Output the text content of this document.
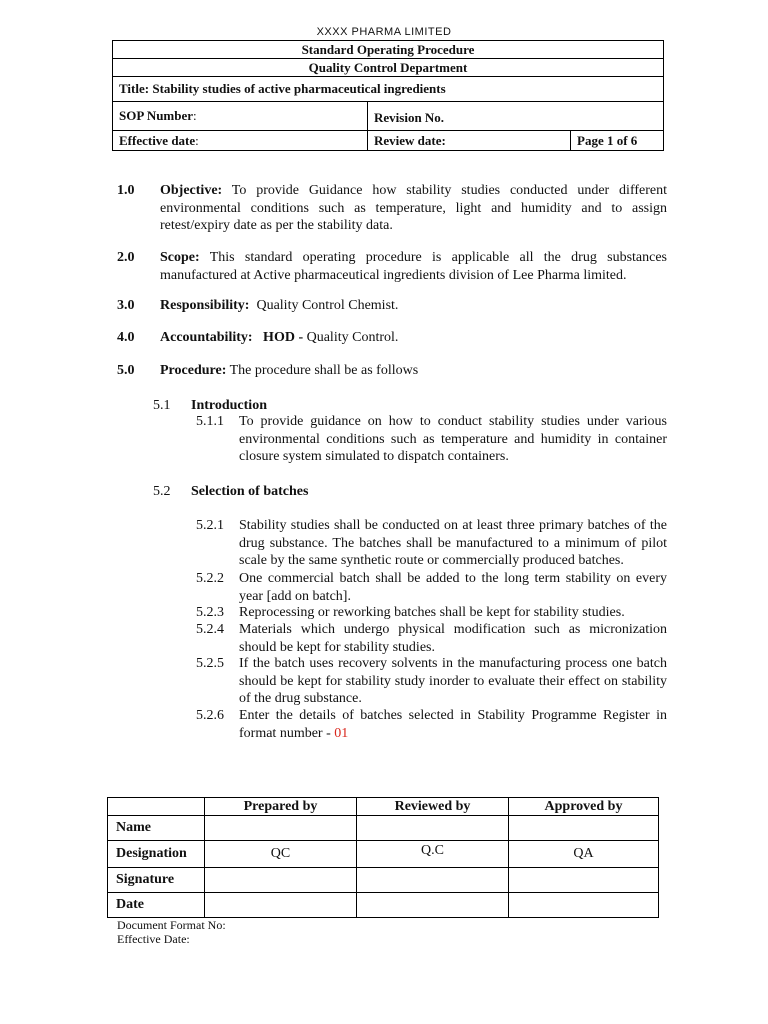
XXXX PHARMA LIMITED
Standard Operating Procedure		
Quality Control Department		
Title: Stability studies of active pharmaceutical ingredients		
SOP Number:	Revision No.	
Effective date:	Review date:	Page 1 of 6
1.0 Objective: To provide Guidance how stability studies conducted under different environmental conditions such as temperature, light and humidity and to assign retest/expiry date as per the stability data.
2.0 Scope: This standard operating procedure is applicable all the drug substances manufactured at Active pharmaceutical ingredients division of Lee Pharma limited.
3.0 Responsibility:  Quality Control Chemist.
4.0 Accountability:   HOD - Quality Control.
5.0 Procedure: The procedure shall be as follows
5.1 Introduction
5.1.1 To provide guidance on how to conduct stability studies under various environmental conditions such as temperature and humidity in container closure system simulated to dispatch containers.
5.2 Selection of batches
5.2.1 Stability studies shall be conducted on at least three primary batches of the drug substance. The batches shall be manufactured to a minimum of pilot scale by the same synthetic route or commercially produced batches.
5.2.2 One commercial batch shall be added to the long term stability on every year [add on batch].
5.2.3 Reprocessing or reworking batches shall be kept for stability studies.
5.2.4 Materials which undergo physical modification such as micronization should be kept for stability studies.
5.2.5 If the batch uses recovery solvents in the manufacturing process one batch should be kept for stability study inorder to evaluate their effect on stability of the drug substance.
5.2.6 Enter the details of batches selected in Stability Programme Register in format number - 01
	Prepared by	Reviewed by	Approved by
Name			
Designation	QC	Q.C	QA
Signature			
Date			
Document Format No:
Effective Date:
